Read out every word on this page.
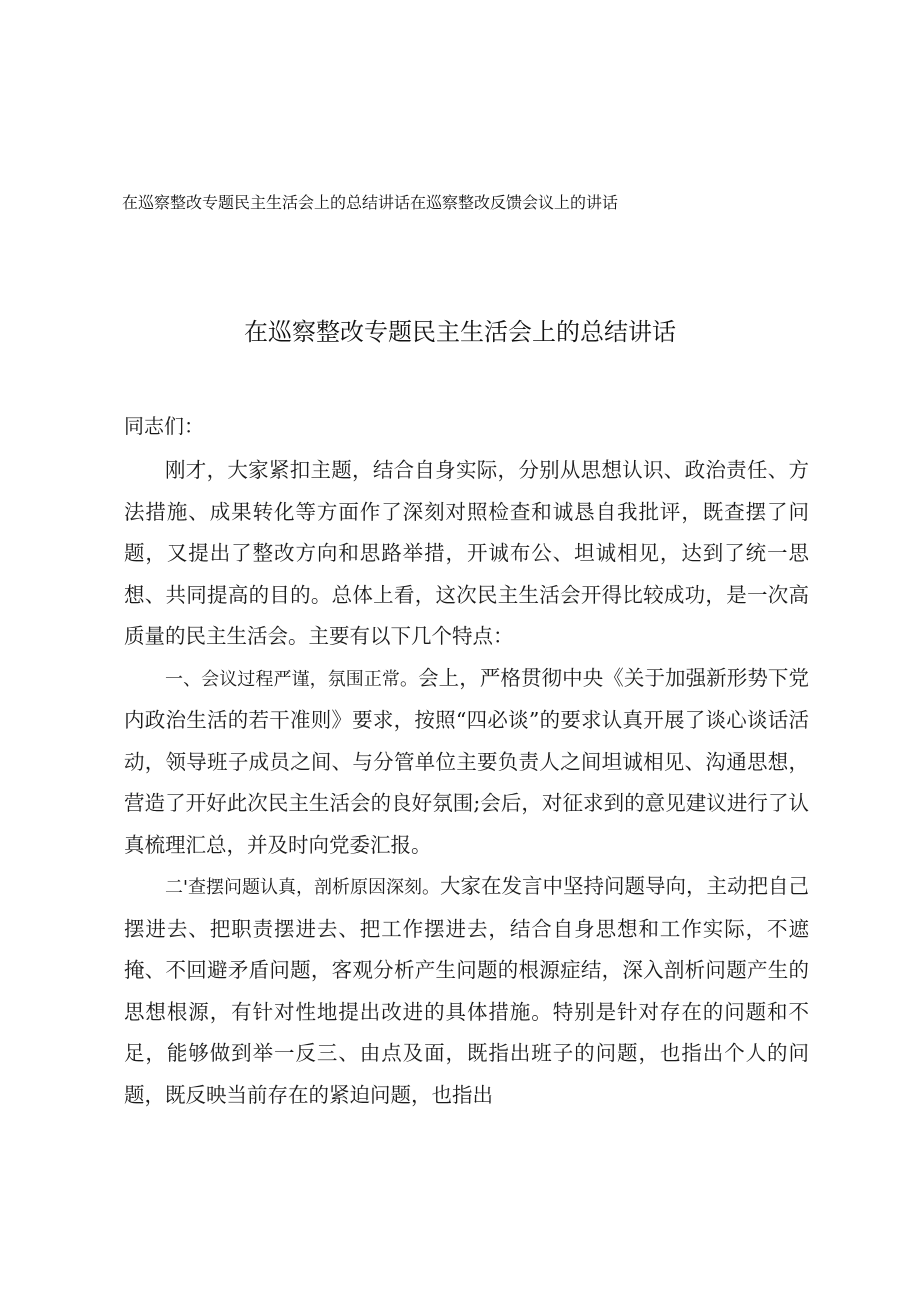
在巡察整改专题民主生活会上的总结讲话在巡察整改反馈会议上的讲话
在巡察整改专题民主生活会上的总结讲话
同志们：

刚才，大家紧扣主题，结合自身实际，分别从思想认识、政治责任、方法措施、成果转化等方面作了深刻对照检查和诚恳自我批评，既查摆了问题，又提出了整改方向和思路举措，开诚布公、坦诚相见，达到了统一思想、共同提高的目的。总体上看，这次民主生活会开得比较成功，是一次高质量的民主生活会。主要有以下几个特点：

一、会议过程严谨，氛围正常。会上，严格贯彻中央《关于加强新形势下党内政治生活的若干准则》要求，按照“四必谈”的要求认真开展了谈心谈话活动，领导班子成员之间、与分管单位主要负责人之间坦诚相见、沟通思想，营造了开好此次民主生活会的良好氛围;会后，对征求到的意见建议进行了认真梳理汇总，并及时向党委汇报。

二'查摆问题认真，剖析原因深刻。大家在发言中坚持问题导向，主动把自己摆进去、把职责摆进去、把工作摆进去，结合自身思想和工作实际，不遮掩、不回避矛盾问题，客观分析产生问题的根源症结，深入剖析问题产生的思想根源，有针对性地提出改进的具体措施。特别是针对存在的问题和不足，能够做到举一反三、由点及面，既指出班子的问题，也指出个人的问题，既反映当前存在的紧迫问题，也指出
